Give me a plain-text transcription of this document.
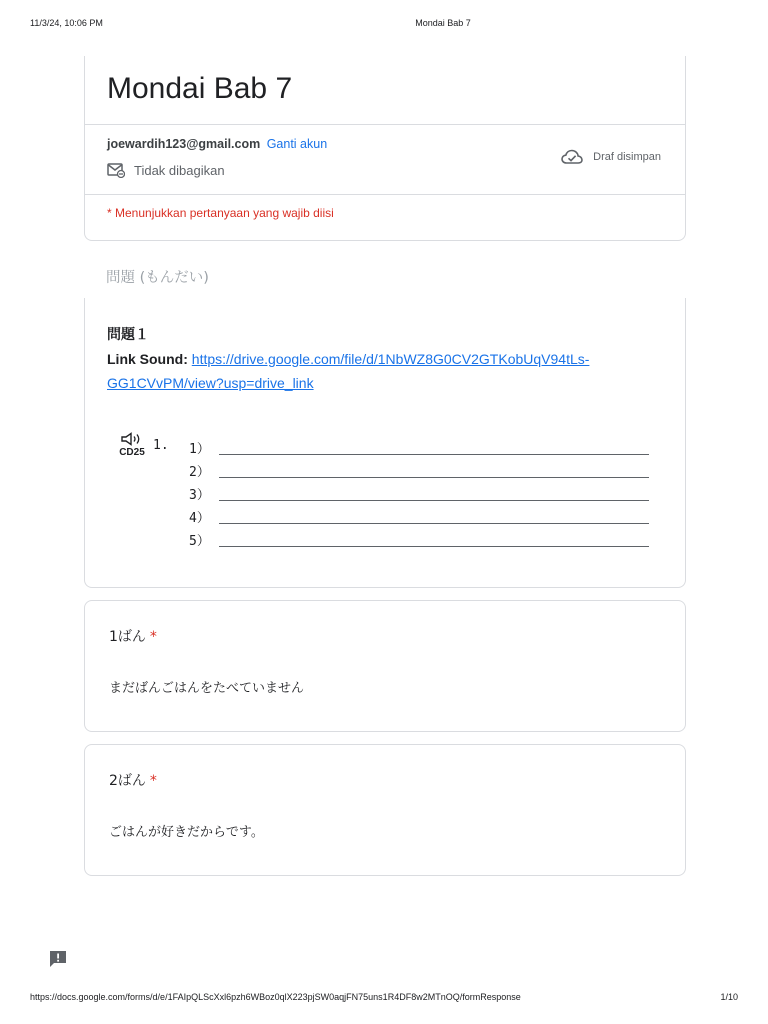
11/3/24, 10:06 PM	Mondai Bab 7
Mondai Bab 7
joewardih123@gmail.com Ganti akun
Tidak dibagikan
Draf disimpan
* Menunjukkan pertanyaan yang wajib diisi
問題 (もんだい)
問題１
Link Sound: https://drive.google.com/file/d/1NbWZ8G0CV2GTKobUqV94tLs-GG1CVvPM/view?usp=drive_link
CD25 1. 1）
2）
3）
4）
5）
1ばん *
まだばんごはんをたべていません
2ばん *
ごはんが好きだからです。
https://docs.google.com/forms/d/e/1FAIpQLScXxl6pzh6WBoz0qlX223pjSW0aqjFN75uns1R4DF8w2MTnOQ/formResponse	1/10
